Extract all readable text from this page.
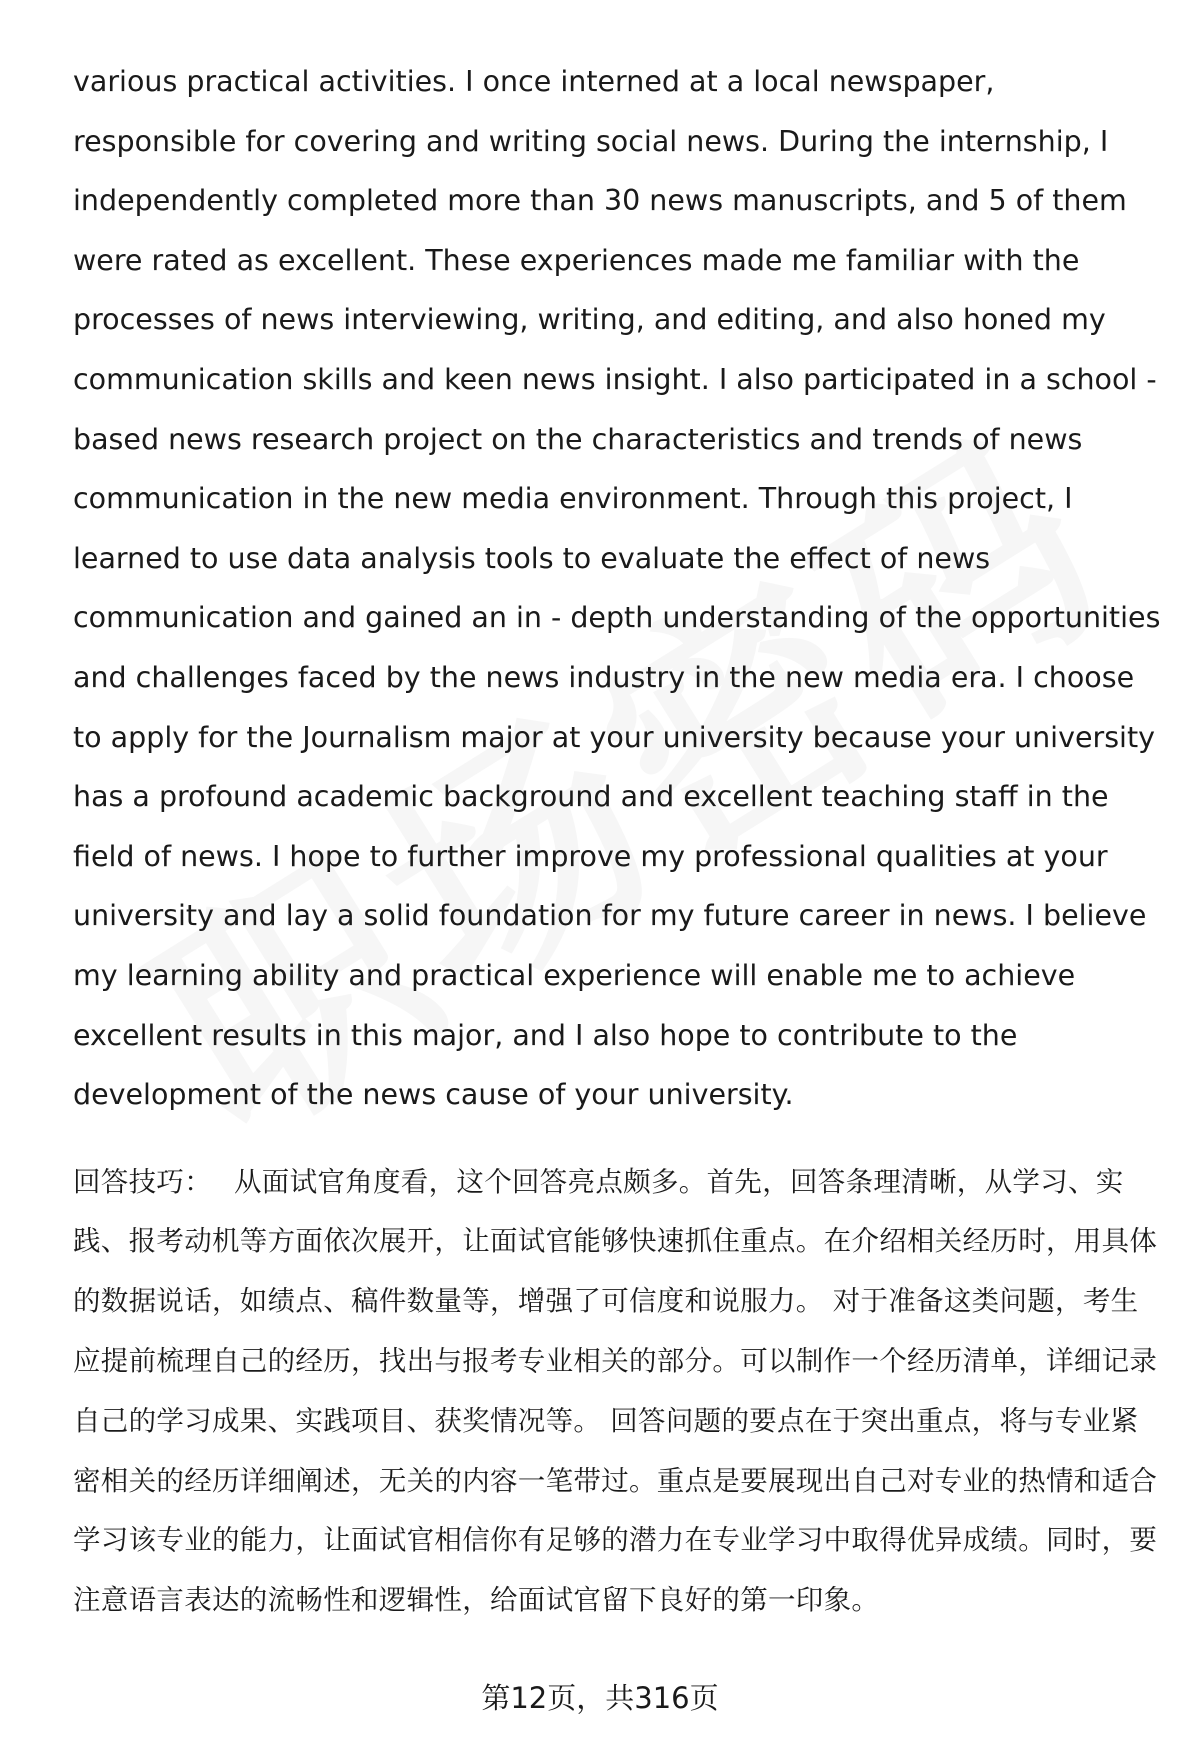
various practical activities. I once interned at a local newspaper, responsible for covering and writing social news. During the internship, I independently completed more than 30 news manuscripts, and 5 of them were rated as excellent. These experiences made me familiar with the processes of news interviewing, writing, and editing, and also honed my communication skills and keen news insight. I also participated in a school - based news research project on the characteristics and trends of news communication in the new media environment. Through this project, I learned to use data analysis tools to evaluate the effect of news communication and gained an in - depth understanding of the opportunities and challenges faced by the news industry in the new media era. I choose to apply for the Journalism major at your university because your university has a profound academic background and excellent teaching staff in the field of news. I hope to further improve my professional qualities at your university and lay a solid foundation for my future career in news. I believe my learning ability and practical experience will enable me to achieve excellent results in this major, and I also hope to contribute to the development of the news cause of your university.

回答技巧： 从面试官角度看，这个回答亮点颇多。首先，回答条理清晰，从学习、实践、报考动机等方面依次展开，让面试官能够快速抓住重点。在介绍相关经历时，用具体的数据说话，如绩点、稿件数量等，增强了可信度和说服力。 对于准备这类问题，考生应提前梳理自己的经历，找出与报考专业相关的部分。可以制作一个经历清单，详细记录自己的学习成果、实践项目、获奖情况等。 回答问题的要点在于突出重点，将与专业紧密相关的经历详细阐述，无关的内容一笔带过。重点是要展现出自己对专业的热情和适合学习该专业的能力，让面试官相信你有足够的潜力在专业学习中取得优异成绩。同时，要注意语言表达的流畅性和逻辑性，给面试官留下良好的第一印象。

第12页，共316页
